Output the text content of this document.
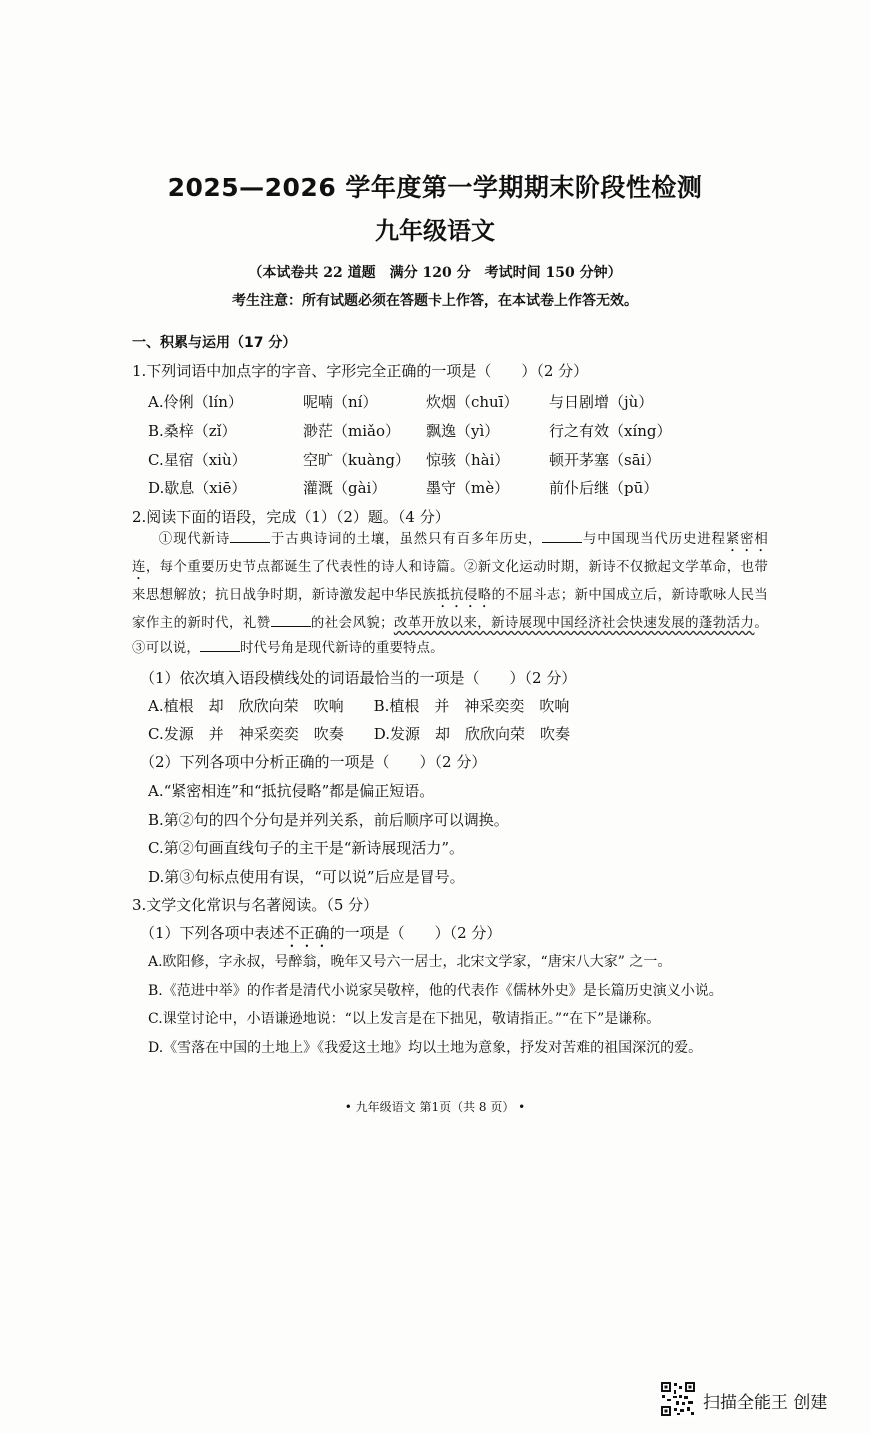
2025—2026 学年度第一学期期末阶段性检测
九年级语文
（本试卷共 22 道题　满分 120 分　考试时间 150 分钟）
考生注意：所有试题必须在答题卡上作答，在本试卷上作答无效。
一、积累与运用（17 分）
1.下列词语中加点字的字音、字形完全正确的一项是（　　）（2 分）
A.伶俐（lín）	呢喃（ní）	炊烟（chuī） 与日剧增（jù）
B.桑梓（zǐ）	渺茫（miǎo） 飘逸（yì）	行之有效（xíng）
C.星宿（xiù）	空旷（kuàng） 惊骇（hài）	顿开茅塞（sāi）
D.歇息（xiē）	灌溉（gài）	墨守（mè）	前仆后继（pū）
2.阅读下面的语段，完成（1）（2）题。（4 分）

①现代新诗	于古典诗词的土壤，虽然只有百多年历史，	与中国现当代历史进程紧密相连，每个重要历史节点都诞生了代表性的诗人和诗篇。②新文化运动时期，新诗不仅掀起文学革命，也带来思想解放；抗日战争时期，新诗激发起中华民族抵抗侵略的不屈斗志；新中国成立后，新诗歌咏人民当家作主的新时代，礼赞	的社会风貌；改革开放以来，新诗展现中国经济社会快速发展的蓬勃活力。③可以说，	时代号角是现代新诗的重要特点。

（1）依次填入语段横线处的词语最恰当的一项是（　　）（2 分）
A.植根　却　欣欣向荣　吹响　　B.植根　并　神采奕奕　吹响
C.发源　并　神采奕奕　吹奏　　D.发源　却　欣欣向荣　吹奏
（2）下列各项中分析正确的一项是（　　）（2 分）
A.“紧密相连”和“抵抗侵略”都是偏正短语。
B.第②句的四个分句是并列关系，前后顺序可以调换。
C.第②句画直线句子的主干是“新诗展现活力”。
D.第③句标点使用有误，“可以说”后应是冒号。
3.文学文化常识与名著阅读。（5 分）
（1）下列各项中表述不正确的一项是（　　）（2 分）
A.欧阳修，字永叔，号醉翁，晚年又号六一居士，北宋文学家，“唐宋八大家” 之一。
B.《范进中举》的作者是清代小说家吴敬梓，他的代表作《儒林外史》是长篇历史演义小说。
C.课堂讨论中，小语谦逊地说：“以上发言是在下拙见，敬请指正。”“在下”是谦称。
D.《雪落在中国的土地上》《我爱这土地》均以土地为意象，抒发对苦难的祖国深沉的爱。
• 九年级语文 第1页（共 8 页） •
扫描全能王 创建
